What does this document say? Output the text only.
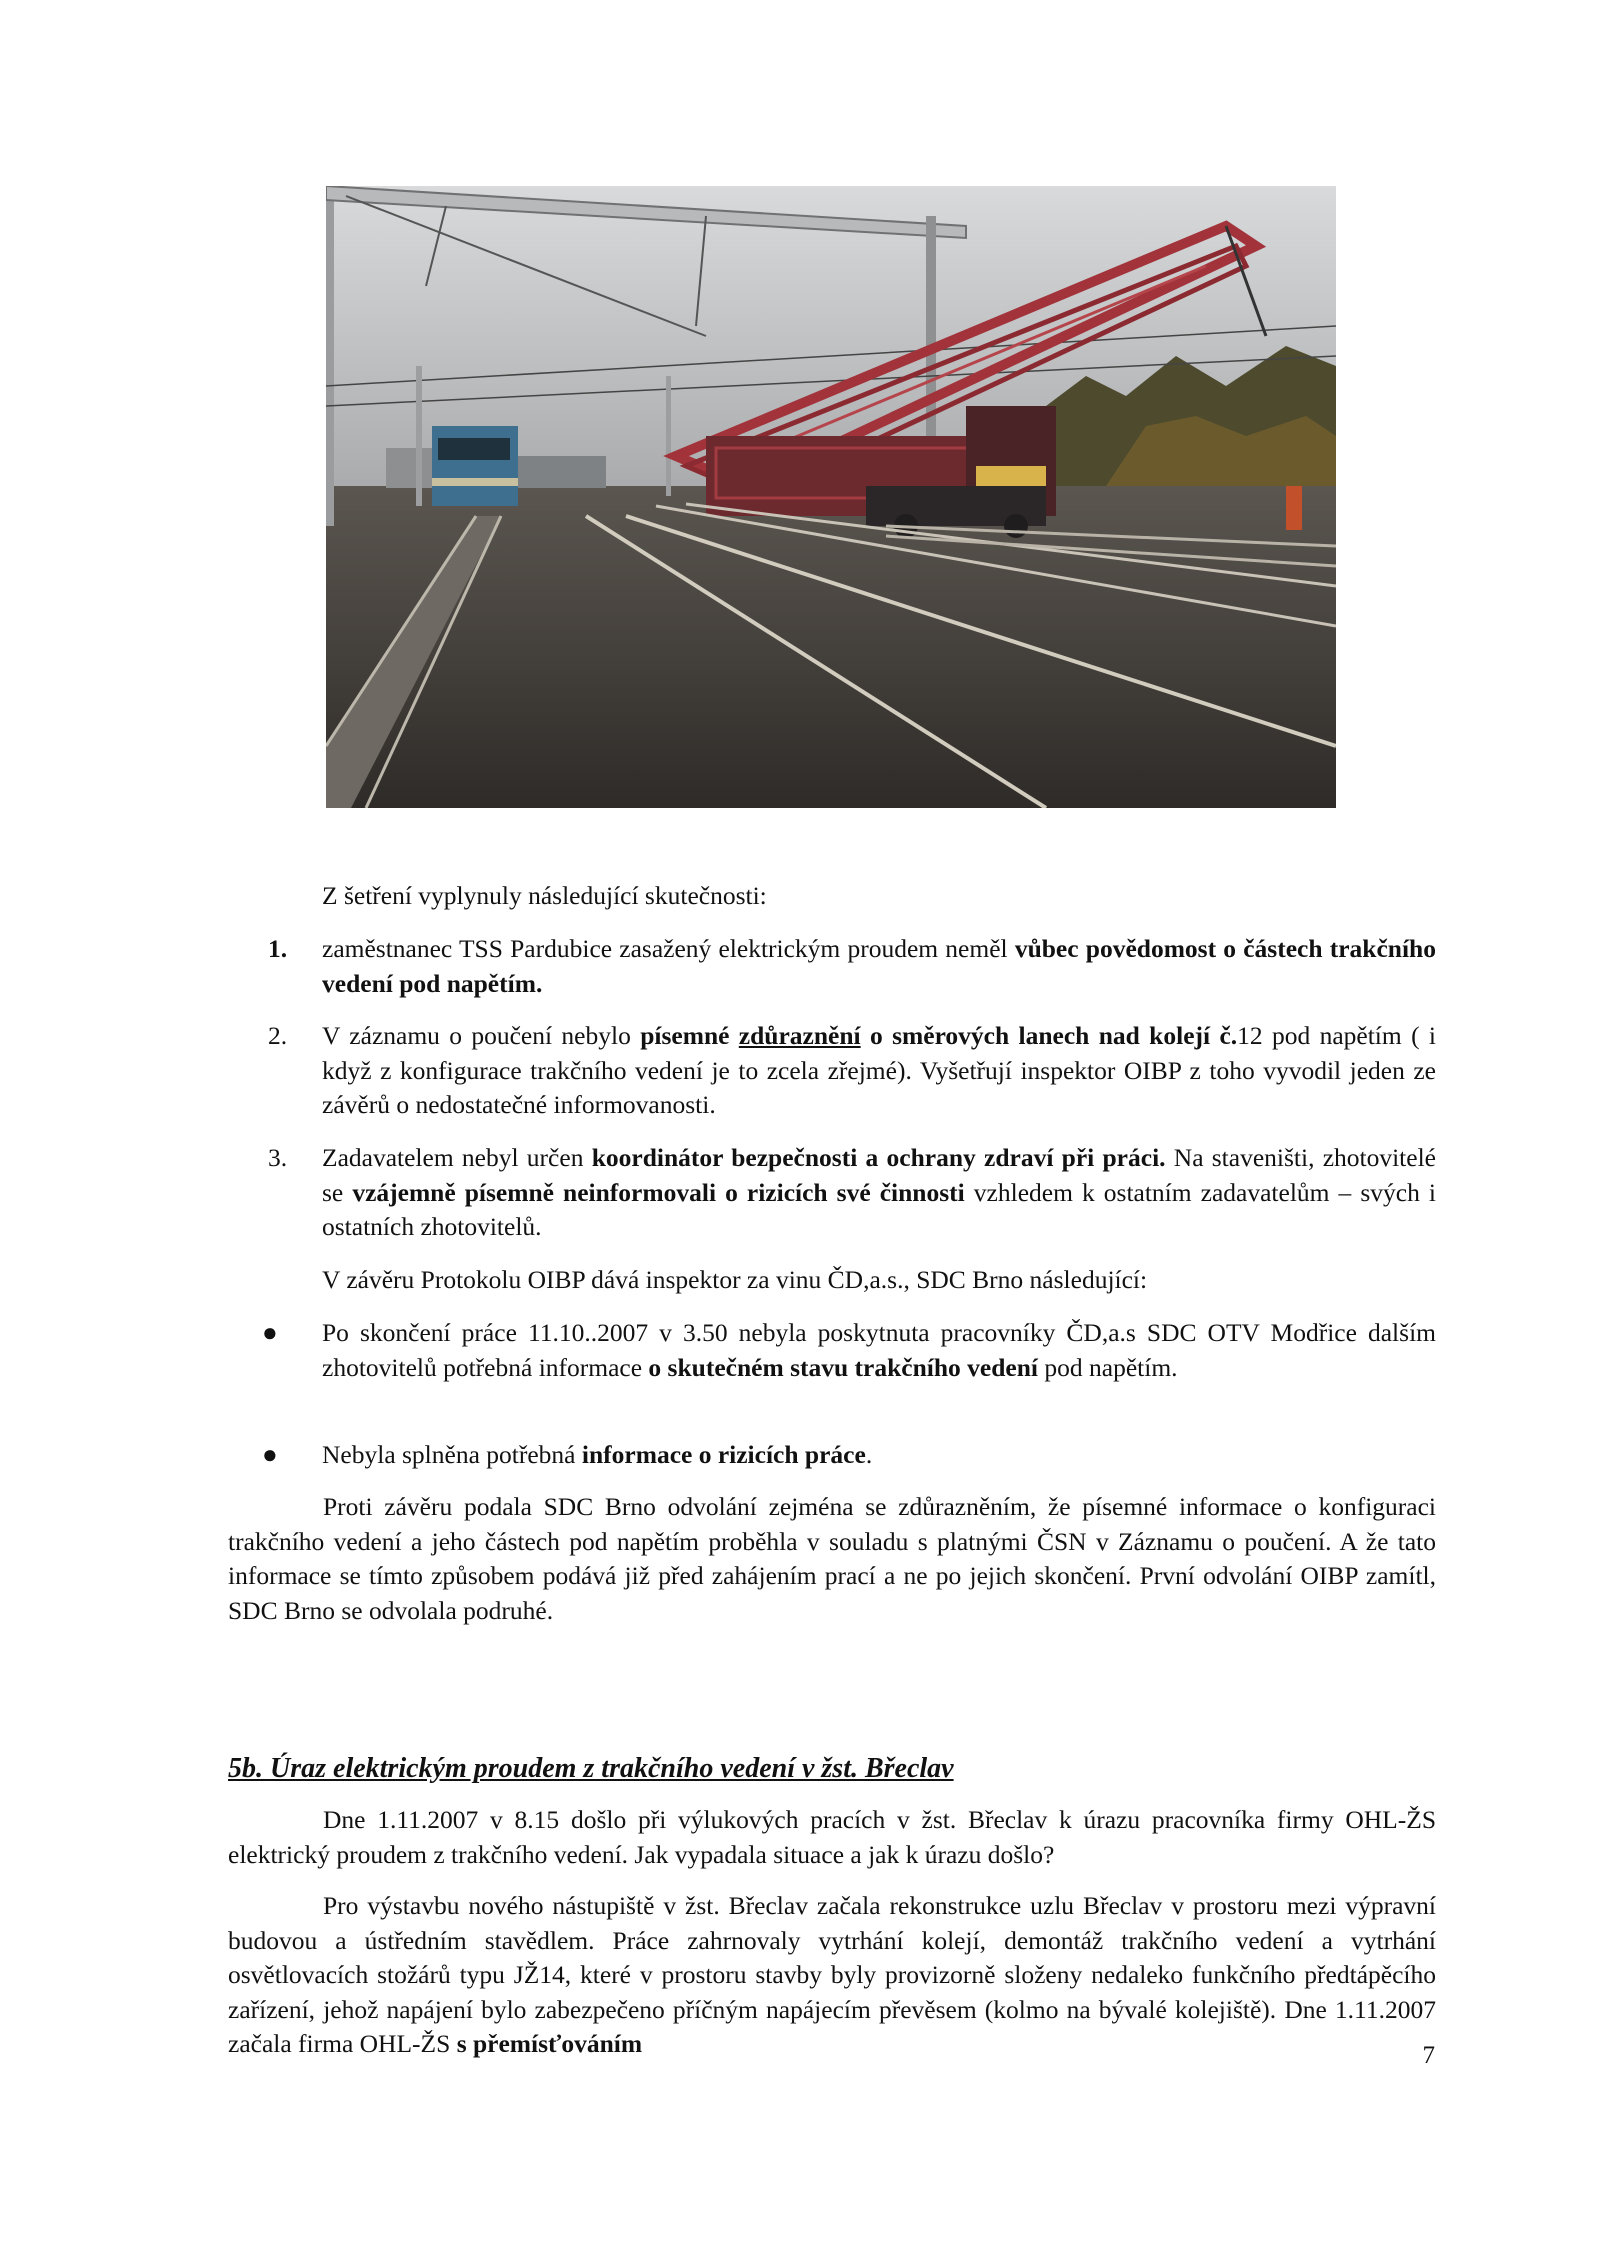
Z šetření vyplynuly následující skutečnosti:
1. zaměstnanec TSS Pardubice zasažený elektrickým proudem neměl vůbec povědomost o částech trakčního vedení pod napětím.
2. V záznamu o poučení nebylo písemné zdůraznění o směrových lanech nad kolejí č.12 pod napětím ( i když z konfigurace trakčního vedení je to zcela zřejmé). Vyšetřují inspektor OIBP z toho vyvodil jeden ze závěrů o nedostatečné informovanosti.
3. Zadavatelem nebyl určen koordinátor bezpečnosti a ochrany zdraví při práci. Na staveništi, zhotovitelé se vzájemně písemně neinformovali o rizicích své činnosti vzhledem k ostatním zadavatelům – svých i ostatních zhotovitelů.
V závěru Protokolu OIBP dává inspektor za vinu ČD,a.s., SDC Brno následující:
● Po skončení práce 11.10..2007 v 3.50 nebyla poskytnuta pracovníky ČD,a.s SDC OTV Modřice dalším zhotovitelů potřebná informace o skutečném stavu trakčního vedení pod napětím.
● Nebyla splněna potřebná informace o rizicích práce.
Proti závěru podala SDC Brno odvolání zejména se zdůrazněním, že písemné informace o konfiguraci trakčního vedení a jeho částech pod napětím proběhla v souladu s platnými ČSN v Záznamu o poučení. A že tato informace se tímto způsobem podává již před zahájením prací a ne po jejich skončení. První odvolání OIBP zamítl, SDC Brno se odvolala podruhé.
5b. Úraz elektrickým proudem z trakčního vedení v žst. Břeclav
Dne 1.11.2007 v 8.15 došlo při výlukových pracích v žst. Břeclav k úrazu pracovníka firmy OHL-ŽS elektrický proudem z trakčního vedení. Jak vypadala situace a jak k úrazu došlo?
Pro výstavbu nového nástupiště v žst. Břeclav začala rekonstrukce uzlu Břeclav v prostoru mezi výpravní budovou a ústředním stavědlem. Práce zahrnovaly vytrhání kolejí, demontáž trakčního vedení a vytrhání osvětlovacích stožárů typu JŽ14, které v prostoru stavby byly provizorně složeny nedaleko funkčního předtápěcího zařízení, jehož napájení bylo zabezpečeno příčným napájecím převěsem (kolmo na bývalé kolejiště). Dne 1.11.2007 začala firma OHL-ŽS s přemísťováním	7
